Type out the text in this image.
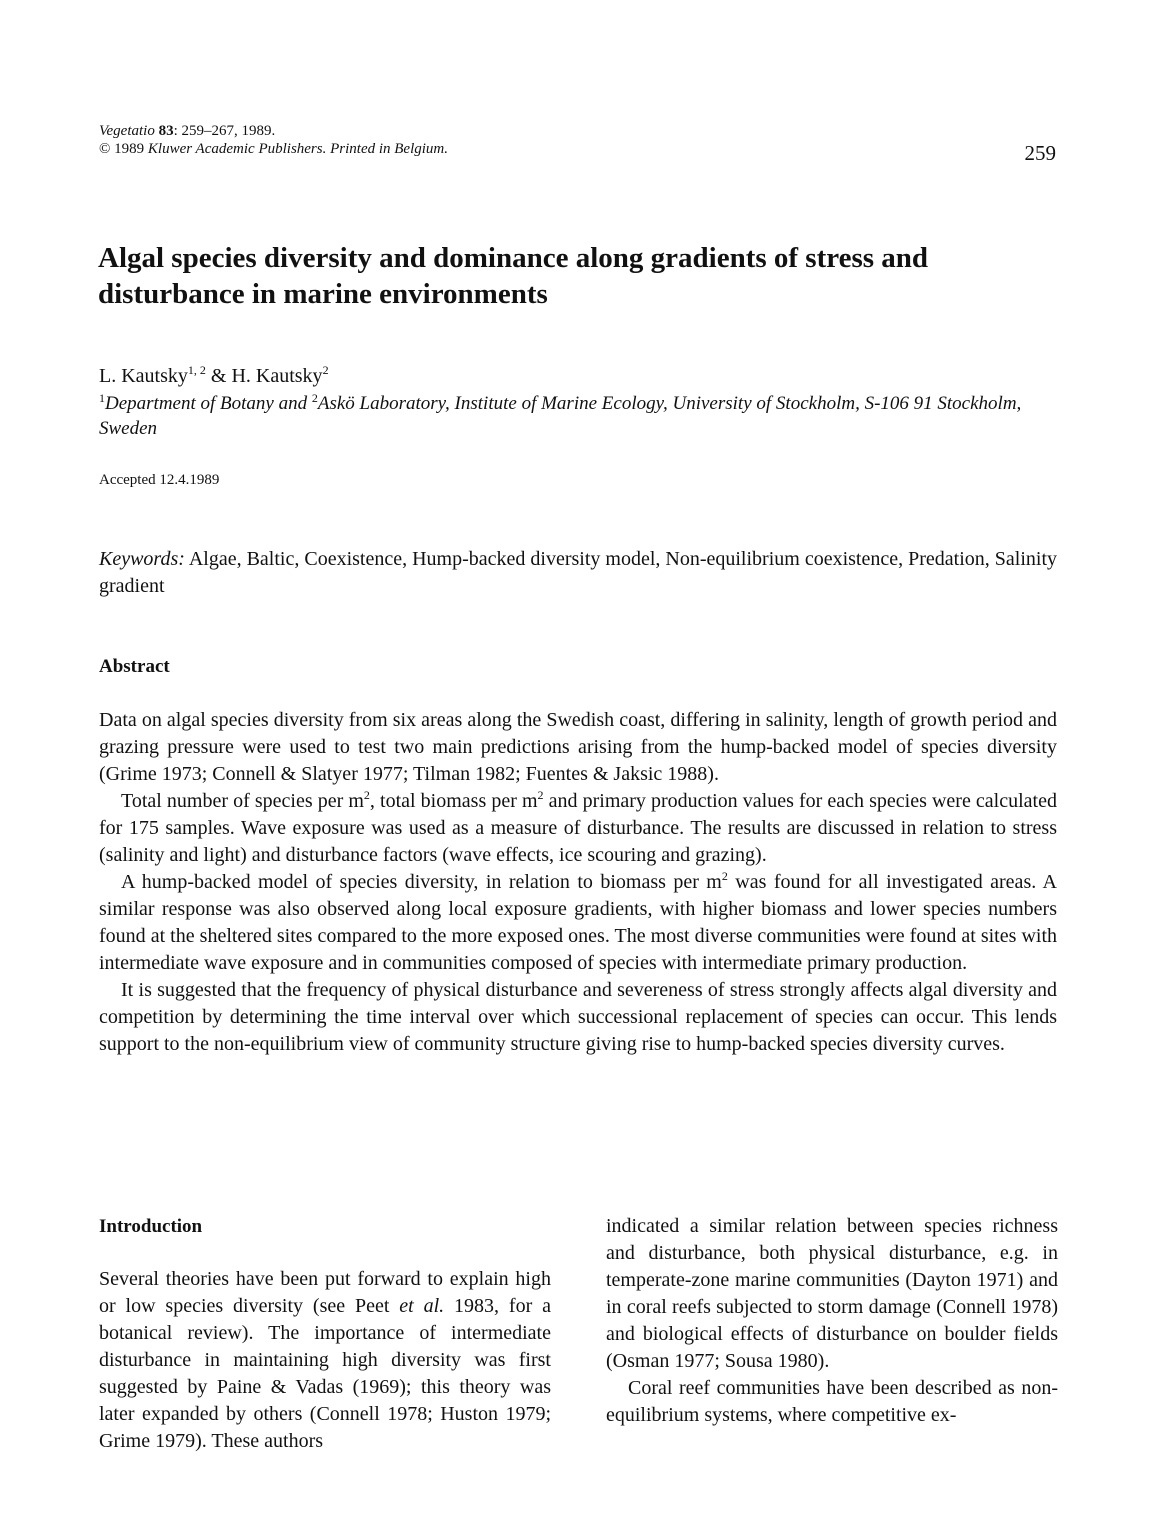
Vegetatio 83: 259–267, 1989.
© 1989 Kluwer Academic Publishers. Printed in Belgium.	259
Algal species diversity and dominance along gradients of stress and disturbance in marine environments
L. Kautsky$^{1, 2}$ & H. Kautsky$^2$
$^1$Department of Botany and $^2$Askö Laboratory, Institute of Marine Ecology, University of Stockholm, S-106 91 Stockholm, Sweden
Accepted 12.4.1989
Keywords: Algae, Baltic, Coexistence, Hump-backed diversity model, Non-equilibrium coexistence, Predation, Salinity gradient
Abstract

Data on algal species diversity from six areas along the Swedish coast, differing in salinity, length of growth period and grazing pressure were used to test two main predictions arising from the hump-backed model of species diversity (Grime 1973; Connell & Slatyer 1977; Tilman 1982; Fuentes & Jaksic 1988).

Total number of species per $m^2$, total biomass per $m^2$ and primary production values for each species were calculated for 175 samples. Wave exposure was used as a measure of disturbance. The results are discussed in relation to stress (salinity and light) and disturbance factors (wave effects, ice scouring and grazing).

A hump-backed model of species diversity, in relation to biomass per $m^2$ was found for all investigated areas. A similar response was also observed along local exposure gradients, with higher biomass and lower species numbers found at the sheltered sites compared to the more exposed ones. The most diverse communities were found at sites with intermediate wave exposure and in communities composed of species with intermediate primary production.

It is suggested that the frequency of physical disturbance and severeness of stress strongly affects algal diversity and competition by determining the time interval over which successional replacement of species can occur. This lends support to the non-equilibrium view of community structure giving rise to hump-backed species diversity curves.

Introduction

Several theories have been put forward to explain high or low species diversity (see Peet et al. 1983, for a botanical review). The importance of intermediate disturbance in maintaining high diversity was first suggested by Paine & Vadas (1969); this theory was later expanded by others (Connell 1978; Huston 1979; Grime 1979). These authors

indicated a similar relation between species richness and disturbance, both physical disturbance, e.g. in temperate-zone marine communities (Dayton 1971) and in coral reefs subjected to storm damage (Connell 1978) and biological effects of disturbance on boulder fields (Osman 1977; Sousa 1980).

Coral reef communities have been described as non-equilibrium systems, where competitive ex-
